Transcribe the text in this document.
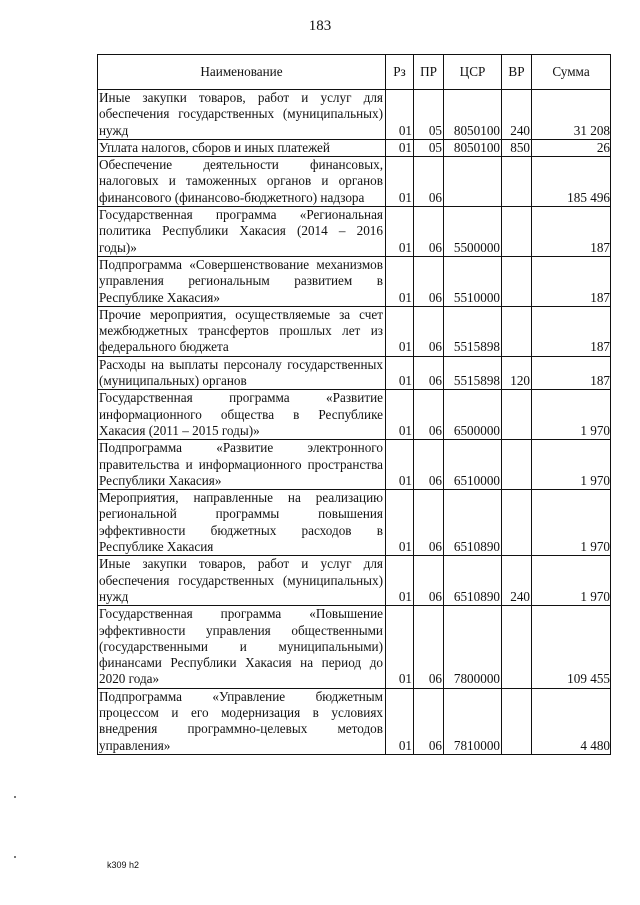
183
Наименование	Рз	ПР	ЦСР	ВР	Сумма
Иные закупки товаров, работ и услуг для обеспечения государственных (муниципальных) нужд	01	05	8050100	240	31 208
Уплата налогов, сборов и иных платежей	01	05	8050100	850	26
Обеспечение деятельности финансовых, налоговых и таможенных органов и органов финансового (финансово-бюджетного) надзора	01	06			185 496
Государственная программа «Региональная политика Республики Хакасия (2014 – 2016 годы)»	01	06	5500000		187
Подпрограмма «Совершенствование механизмов управления региональным развитием в Республике Хакасия»	01	06	5510000		187
Прочие мероприятия, осуществляемые за счет межбюджетных трансфертов прошлых лет из федерального бюджета	01	06	5515898		187
Расходы на выплаты персоналу государственных (муниципальных) органов	01	06	5515898	120	187
Государственная программа «Развитие информационного общества в Республике Хакасия (2011 – 2015 годы)»	01	06	6500000		1 970
Подпрограмма «Развитие электронного правительства и информационного пространства Республики Хакасия»	01	06	6510000		1 970
Мероприятия, направленные на реализацию региональной программы повышения эффективности бюджетных расходов в Республике Хакасия	01	06	6510890		1 970
Иные закупки товаров, работ и услуг для обеспечения государственных (муниципальных) нужд	01	06	6510890	240	1 970
Государственная программа «Повышение эффективности управления общественными (государственными и муниципальными) финансами Республики Хакасия на период до 2020 года»	01	06	7800000		109 455
Подпрограмма «Управление бюджетным процессом и его модернизация в условиях внедрения программно-целевых методов управления»	01	06	7810000		4 480
k309 h2
